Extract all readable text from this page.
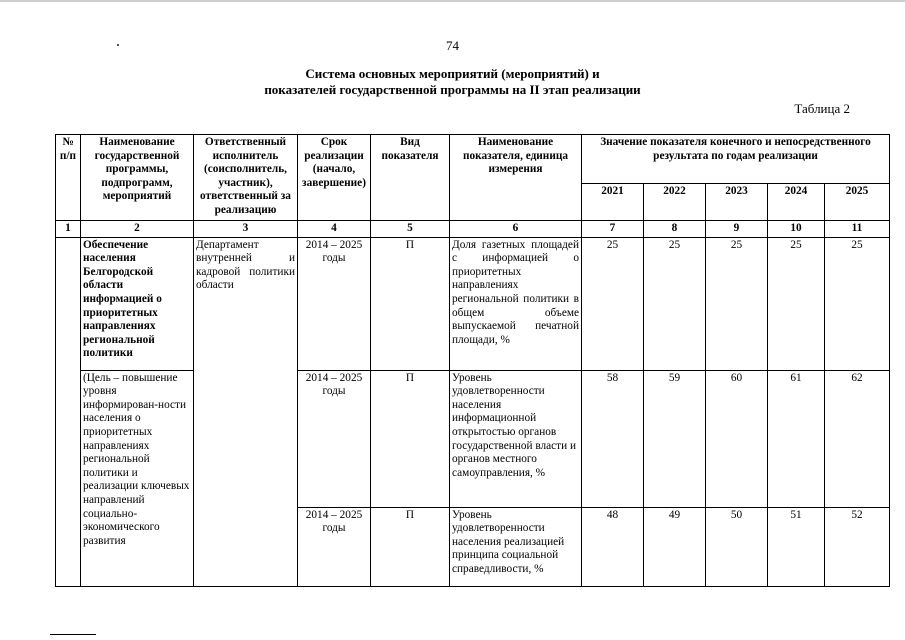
74
Система основных мероприятий (мероприятий) и
показателей государственной программы на II этап реализации
Таблица 2
№ п/п	Наименование государственной программы, подпрограмм, мероприятий	Ответственный исполнитель (соисполнитель, участник), ответственный за реализацию	Срок реализации (начало, завершение)	Вид показателя	Наименование показателя, единица измерения	Значение показателя конечного и непосредственного результата по годам реализации				
						2021	2022	2023	2024	2025
1	2	3	4	5	6	7	8	9	10	11
	Обеспечение населения Белгородской области информацией о приоритетных направлениях региональной политики	Департамент внутренней и кадровой политики области	2014 – 2025 годы	П	Доля газетных площадей с информацией о приоритетных направлениях региональной политики в общем объеме выпускаемой печатной площади, %	25	25	25	25	25
	(Цель – повышение уровня информирован-ности населения о приоритетных направлениях региональной политики и реализации ключевых направлений социально-экономического развития		2014 – 2025 годы	П	Уровень удовлетворенности населения информационной открытостью органов государственной власти и органов местного самоуправления, %	58	59	60	61	62
			2014 – 2025 годы	П	Уровень удовлетворенности населения реализацией принципа социальной справедливости, %	48	49	50	51	52
